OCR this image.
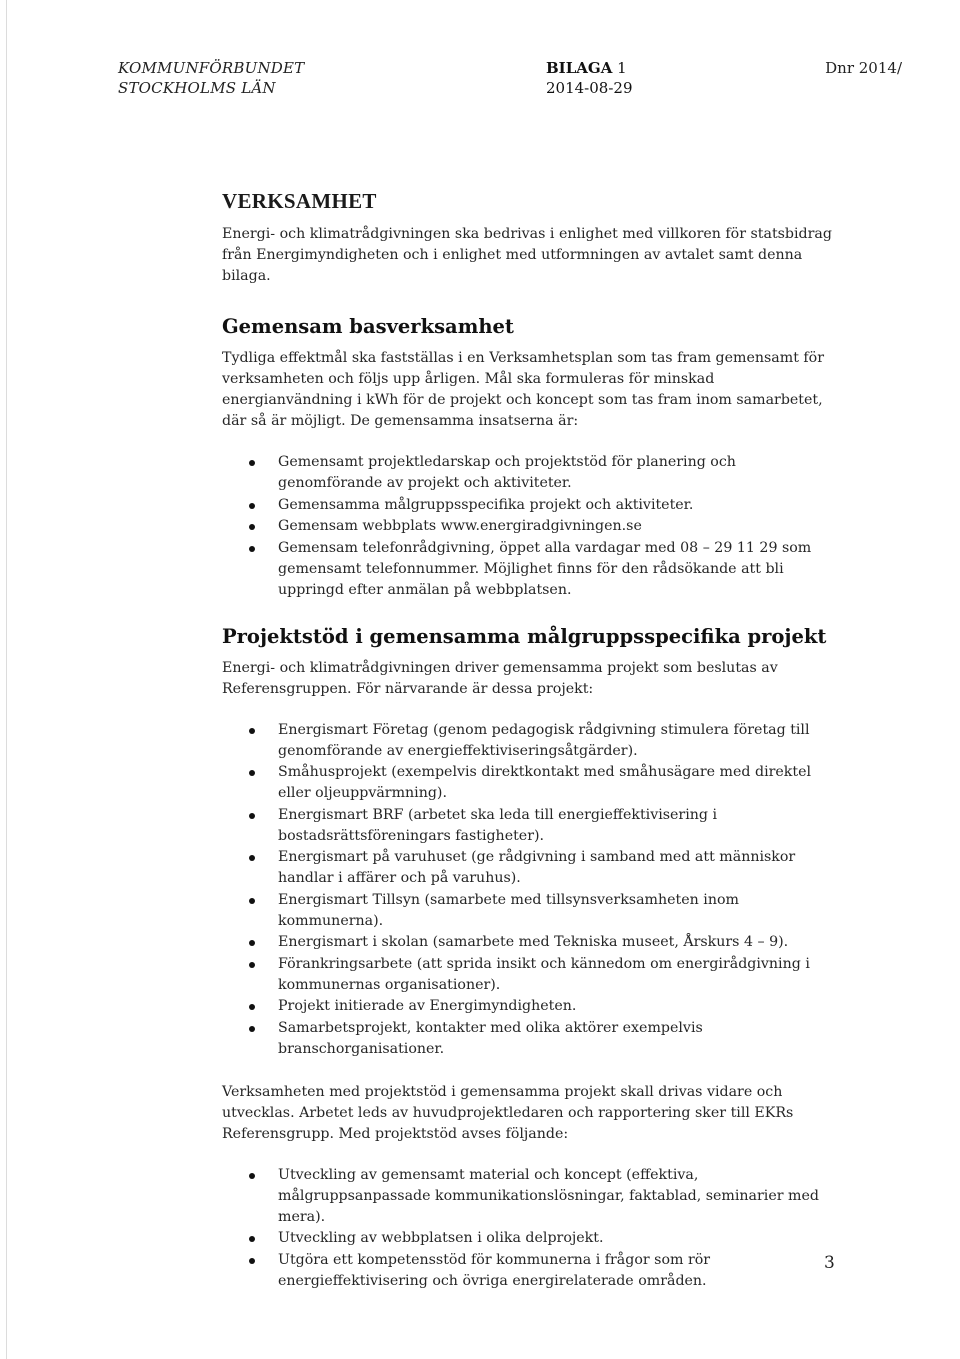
KOMMUNFÖRBUNDET
STOCKHOLMS LÄN
BILAGA 1
2014-08-29
Dnr 2014/
VERKSAMHET

Energi- och klimatrådgivningen ska bedrivas i enlighet med villkoren för statsbidrag från Energimyndigheten och i enlighet med utformningen av avtalet samt denna bilaga.

Gemensam basverksamhet

Tydliga effektmål ska fastställas i en Verksamhetsplan som tas fram gemensamt för verksamheten och följs upp årligen. Mål ska formuleras för minskad energianvändning i kWh för de projekt och koncept som tas fram inom samarbetet, där så är möjligt. De gemensamma insatserna är:

Gemensamt projektledarskap och projektstöd för planering och genomförande av projekt och aktiviteter.
Gemensamma målgruppsspecifika projekt och aktiviteter.
Gemensam webbplats www.energiradgivningen.se
Gemensam telefonrådgivning, öppet alla vardagar med 08 – 29 11 29 som gemensamt telefonnummer. Möjlighet finns för den rådsökande att bli uppringd efter anmälan på webbplatsen.
Projektstöd i gemensamma målgruppsspecifika projekt

Energi- och klimatrådgivningen driver gemensamma projekt som beslutas av Referensgruppen. För närvarande är dessa projekt:

Energismart Företag (genom pedagogisk rådgivning stimulera företag till genomförande av energieffektiviseringsåtgärder).
Småhusprojekt (exempelvis direktkontakt med småhusägare med direktel eller oljeuppvärmning).
Energismart BRF (arbetet ska leda till energieffektivisering i bostadsrättsföreningars fastigheter).
Energismart på varuhuset (ge rådgivning i samband med att människor handlar i affärer och på varuhus).
Energismart Tillsyn (samarbete med tillsynsverksamheten inom kommunerna).
Energismart i skolan (samarbete med Tekniska museet, Årskurs 4 – 9).
Förankringsarbete (att sprida insikt och kännedom om energirådgivning i kommunernas organisationer).
Projekt initierade av Energimyndigheten.
Samarbetsprojekt, kontakter med olika aktörer exempelvis branschorganisationer.

Verksamheten med projektstöd i gemensamma projekt skall drivas vidare och utvecklas. Arbetet leds av huvudprojektledaren och rapportering sker till EKRs Referensgrupp. Med projektstöd avses följande:

Utveckling av gemensamt material och koncept (effektiva, målgruppsanpassade kommunikationslösningar, faktablad, seminarier med mera).
Utveckling av webbplatsen i olika delprojekt.
Utgöra ett kompetensstöd för kommunerna i frågor som rör energieffektivisering och övriga energirelaterade områden.
3
